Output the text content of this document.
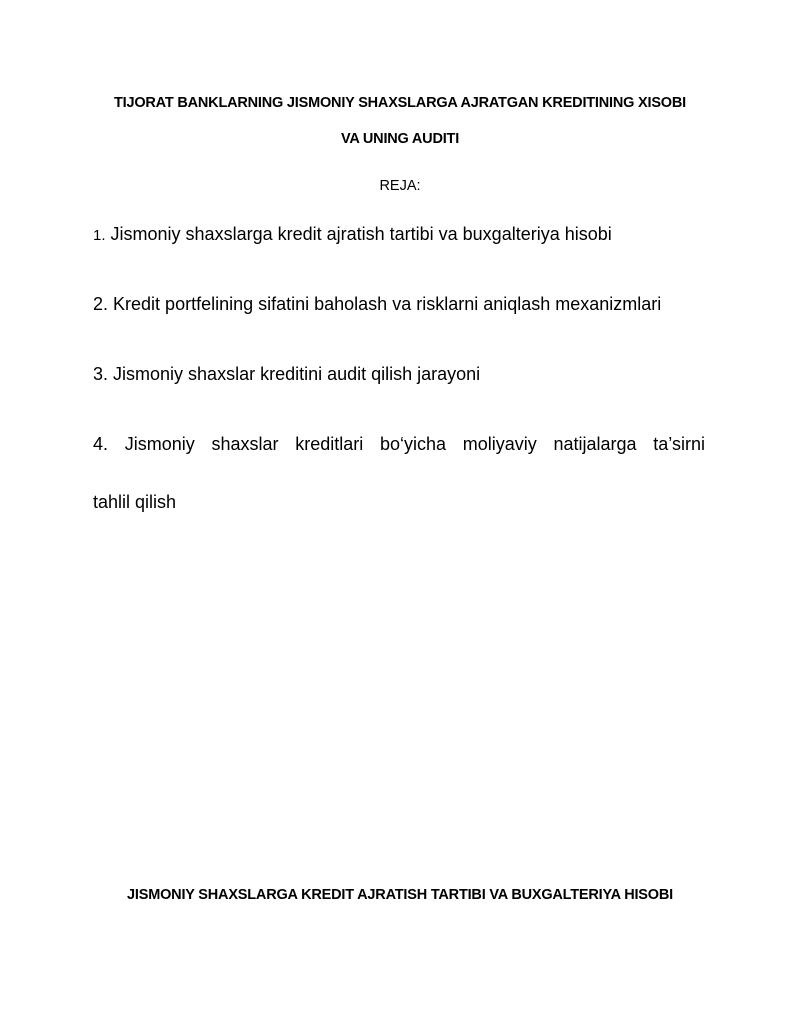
TIJORAT BANKLARNING JISMONIY SHAXSLARGA AJRATGAN KREDITINING XISOBI
VA UNING AUDITI
REJA:
1. Jismoniy shaxslarga kredit ajratish tartibi va buxgalteriya hisobi
2. Kredit portfelining sifatini baholash va risklarni aniqlash mexanizmlari
3. Jismoniy shaxslar kreditini audit qilish jarayoni
4. Jismoniy shaxslar kreditlari bo‘yicha moliyaviy natijalarga ta’sirni
tahlil qilish
JISMONIY SHAXSLARGA KREDIT AJRATISH TARTIBI VA BUXGALTERIYA HISOBI
